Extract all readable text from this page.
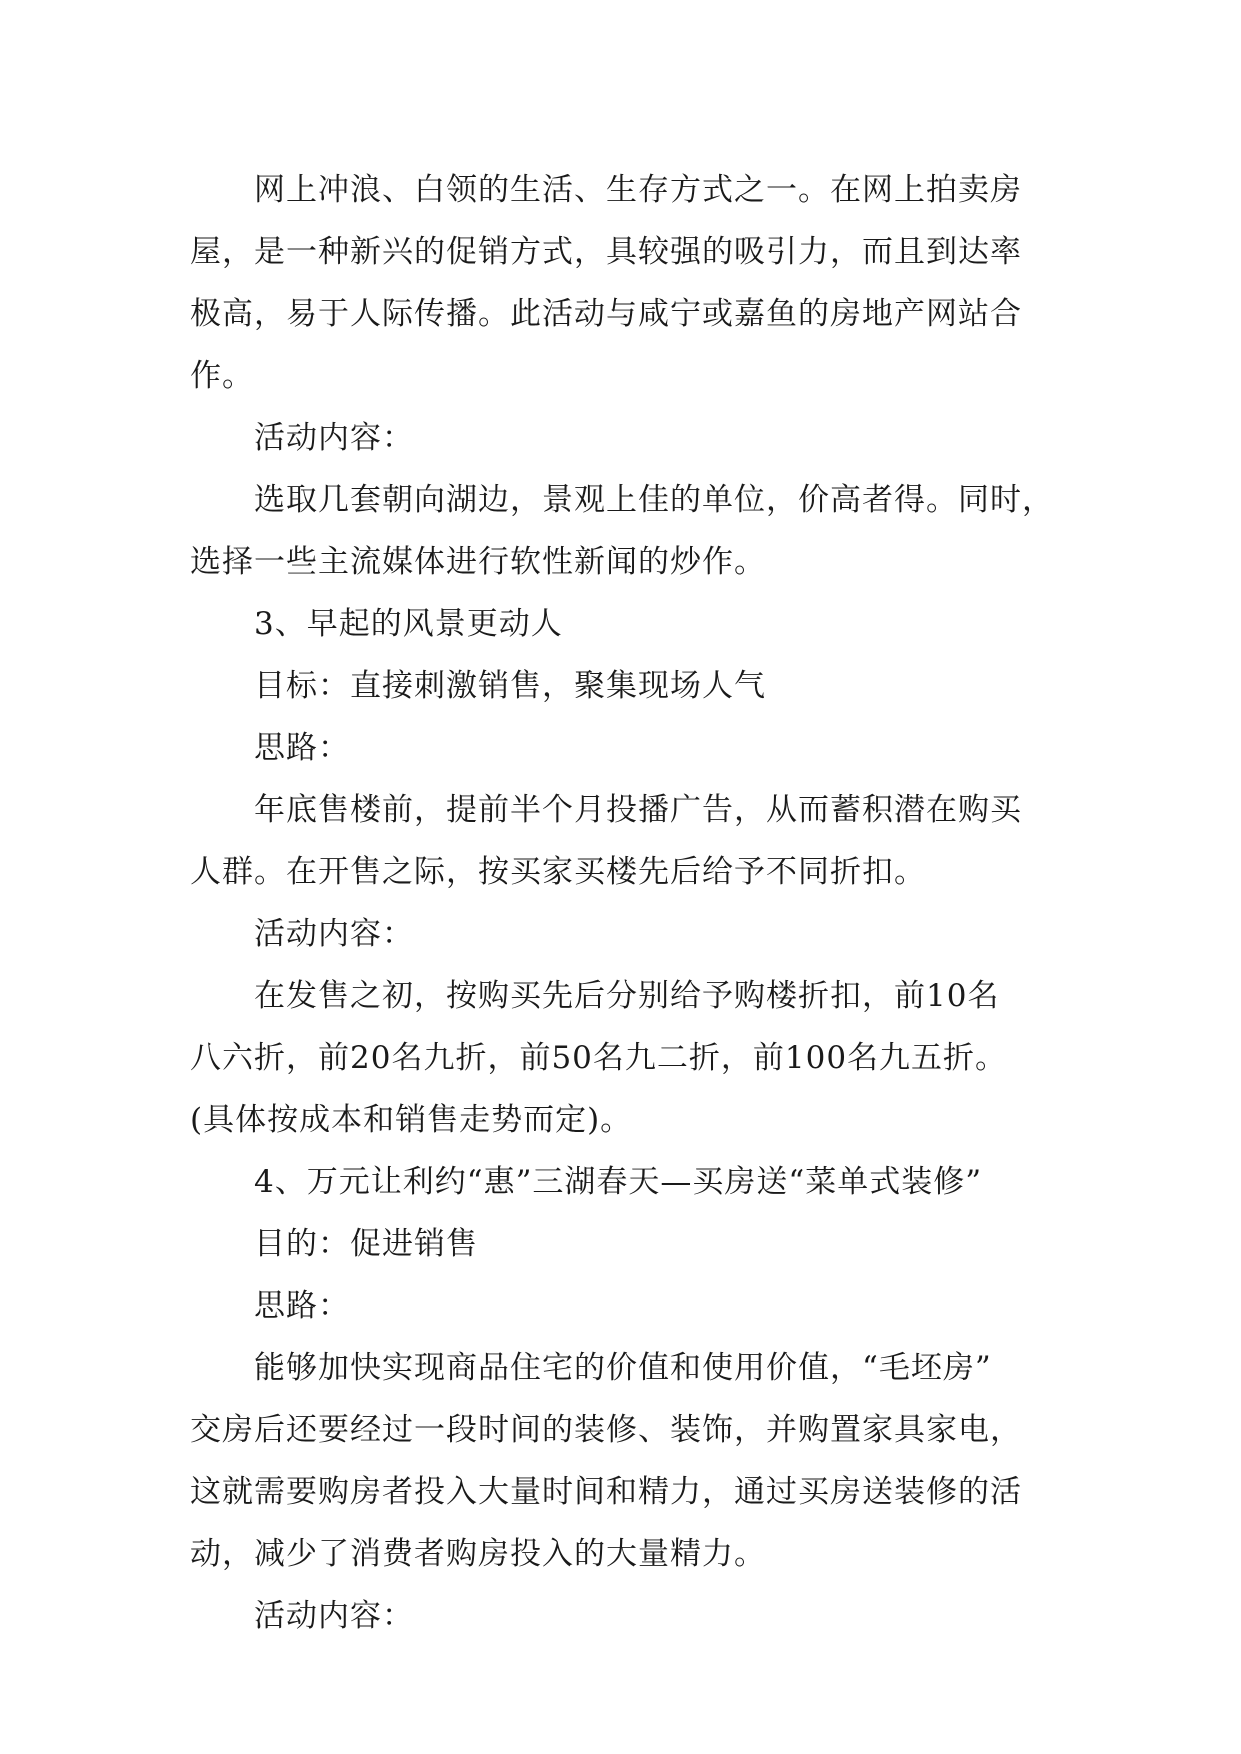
网上冲浪、白领的生活、生存方式之一。在网上拍卖房
屋，是一种新兴的促销方式，具较强的吸引力，而且到达率
极高，易于人际传播。此活动与咸宁或嘉鱼的房地产网站合
作。
活动内容：
选取几套朝向湖边，景观上佳的单位，价高者得。同时，
选择一些主流媒体进行软性新闻的炒作。
3、早起的风景更动人
目标：直接刺激销售，聚集现场人气
思路：
年底售楼前，提前半个月投播广告，从而蓄积潜在购买
人群。在开售之际，按买家买楼先后给予不同折扣。
活动内容：
在发售之初，按购买先后分别给予购楼折扣，前10名
八六折，前20名九折，前50名九二折，前100名九五折。
(具体按成本和销售走势而定)。
4、万元让利约“惠”三湖春天—买房送“菜单式装修”
目的：促进销售
思路：
能够加快实现商品住宅的价值和使用价值，“毛坯房”
交房后还要经过一段时间的装修、装饰，并购置家具家电，
这就需要购房者投入大量时间和精力，通过买房送装修的活
动，减少了消费者购房投入的大量精力。
活动内容：
